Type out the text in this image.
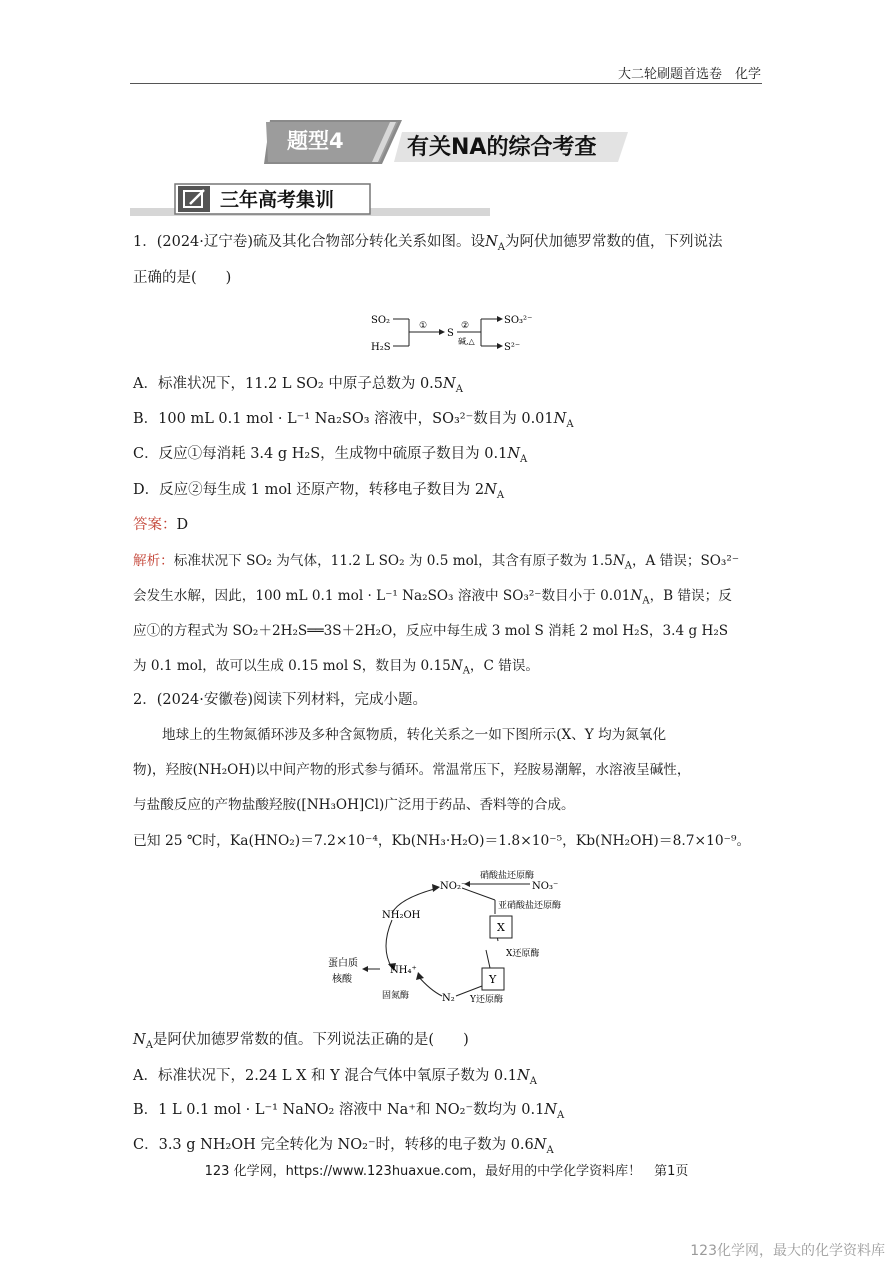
大二轮刷题首选卷　化学
题型4	有关NA的综合考查
三年高考集训
1．(2024·辽宁卷)硫及其化合物部分转化关系如图。设$N_A$为阿伏加德罗常数的值，下列说法
正确的是(　　)
SO₂
H₂S
①
S
②
碱,△
SO₃²⁻
S²⁻
A．标准状况下，11.2 L SO₂ 中原子总数为 $0.5N_A$
B．100 mL 0.1 mol · L⁻¹ Na₂SO₃ 溶液中，SO₃²⁻数目为 $0.01N_A$
C．反应①每消耗 3.4 g H₂S，生成物中硫原子数目为 $0.1N_A$
D．反应②每生成 1 mol 还原产物，转移电子数目为 $2N_A$
答案：D
解析：标准状况下 SO₂ 为气体，11.2 L SO₂ 为 0.5 mol，其含有原子数为 $1.5N_A$，A 错误；SO₃²⁻
会发生水解，因此，100 mL 0.1 mol · L⁻¹ Na₂SO₃ 溶液中 SO₃²⁻数目小于 $0.01N_A$，B 错误；反
应①的方程式为 SO₂＋2H₂S══3S＋2H₂O，反应中每生成 3 mol S 消耗 2 mol H₂S，3.4 g H₂S
为 0.1 mol，故可以生成 0.15 mol S，数目为 $0.15N_A$，C 错误。
2．(2024·安徽卷)阅读下列材料，完成小题。
地球上的生物氮循环涉及多种含氮物质，转化关系之一如下图所示(X、Y 均为氮氧化
物)，羟胺(NH₂OH)以中间产物的形式参与循环。常温常压下，羟胺易潮解，水溶液呈碱性，
与盐酸反应的产物盐酸羟胺([NH₃OH]Cl)广泛用于药品、香料等的合成。
已知 25 ℃时，Ka(HNO₂)＝7.2×10⁻⁴，Kb(NH₃·H₂O)＝1.8×10⁻⁵，Kb(NH₂OH)＝8.7×10⁻⁹。
NO₂⁻	NO₃⁻
硝酸盐还原酶
亚硝酸盐还原酶
X
X还原酶
Y
Y还原酶
N₂
固氮酶
NH₄⁺
NH₂OH
蛋白质
核酸
$N_A$是阿伏加德罗常数的值。下列说法正确的是(　　)
A．标准状况下，2.24 L X 和 Y 混合气体中氧原子数为 $0.1N_A$
B．1 L 0.1 mol · L⁻¹ NaNO₂ 溶液中 Na⁺和 NO₂⁻数均为 $0.1N_A$
C．3.3 g NH₂OH 完全转化为 NO₂⁻时，转移的电子数为 $0.6N_A$
123 化学网，https://www.123huaxue.com，最好用的中学化学资料库！　第1页
123化学网，最大的化学资料库
